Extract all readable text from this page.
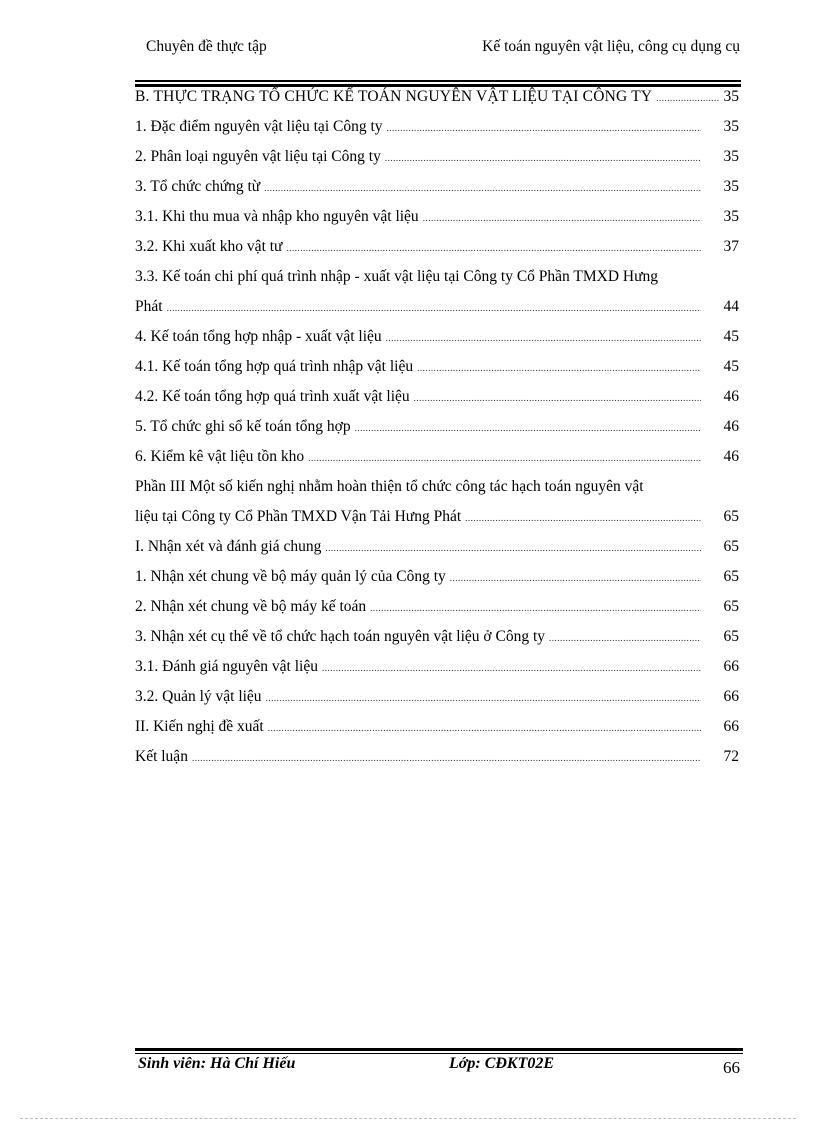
Chuyên đề thực tập	Kế toán nguyên vật liệu, công cụ dụng cụ
B. THỰC TRẠNG TỔ CHỨC KẾ TOÁN NGUYÊN VẬT LIỆU TẠI CÔNG TY .....	35
1. Đặc điểm nguyên vật liệu tại Công ty .....	35
2. Phân loại nguyên vật liệu tại Công ty .....	35
3. Tổ chức chứng từ .....	35
3.1. Khi thu mua và nhập kho nguyên vật liệu .....	35
3.2. Khi xuất kho vật tư .....	37
3.3. Kế toán chi phí quá trình nhập - xuất vật liệu tại Công ty Cổ Phần TMXD Hưng
Phát .....	44
4. Kế toán tổng hợp nhập - xuất vật liệu .....	45
4.1. Kế toán tổng hợp quá trình nhập vật liệu .....	45
4.2. Kế toán tổng hợp quá trình xuất vật liệu .....	46
5. Tổ chức ghi sổ kế toán tổng hợp .....	46
6. Kiểm kê vật liệu tồn kho .....	46
Phần III Một số kiến nghị nhằm hoàn thiện tổ chức công tác hạch toán nguyên vật
liệu tại Công ty Cổ Phần TMXD Vận Tải Hưng Phát .....	65
I. Nhận xét và đánh giá chung .....	65
1. Nhận xét chung về bộ máy quản lý của Công ty .....	65
2. Nhận xét chung về bộ máy kế toán .....	65
3. Nhận xét cụ thể về tổ chức hạch toán nguyên vật liệu ở Công ty .....	65
3.1. Đánh giá nguyên vật liệu .....	66
3.2. Quản lý vật liệu .....	66
II. Kiến nghị đề xuất .....	66
Kết luận .....	72
Sinh viên: Hà Chí Hiếu	Lớp: CĐKT02E	66
